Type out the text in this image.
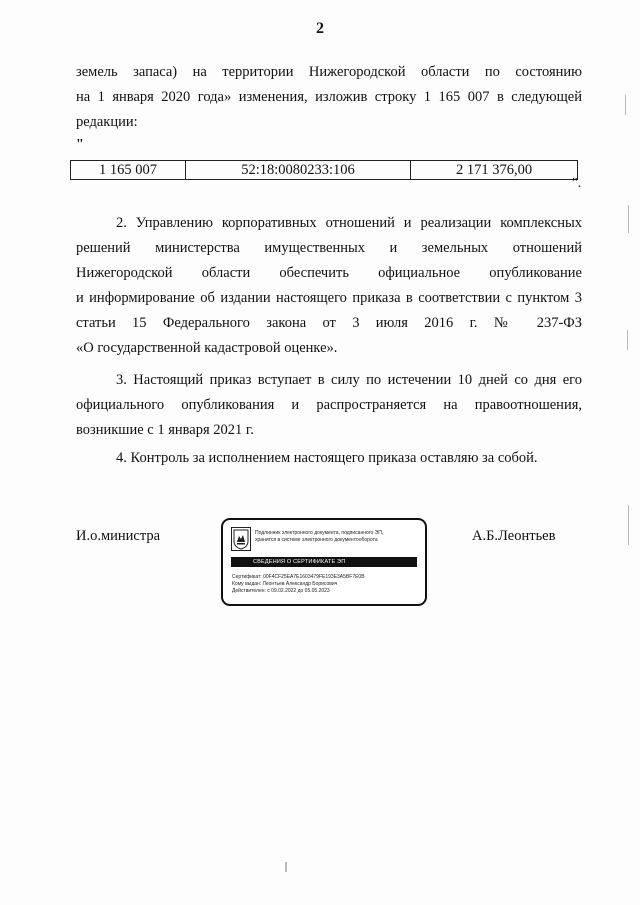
2
земель запаса) на территории Нижегородской области по состоянию
на 1 января 2020 года» изменения, изложив строку 1 165 007 в следующей
редакции:
"
1 165 007	52:18:0080233:106	2 171 376,00
".
2. Управлению корпоративных отношений и реализации комплексных
решений министерства имущественных и земельных отношений
Нижегородской области обеспечить официальное опубликование
и информирование об издании настоящего приказа в соответствии с пунктом 3
статьи 15 Федерального закона от 3 июля 2016 г. № 237-ФЗ
«О государственной кадастровой оценке».
3. Настоящий приказ вступает в силу по истечении 10 дней со дня его
официального опубликования и распространяется на правоотношения,
возникшие с 1 января 2021 г.
4. Контроль за исполнением настоящего приказа оставляю за собой.
И.о.министра	А.Б.Леонтьев
Подлинник электронного документа, подписанного ЭП,
хранится в системе электронного документооборота
СВЕДЕНИЯ О СЕРТИФИКАТЕ ЭП
Сертификат: 00F4CF25EA7E1603479FE193E3A5BF7E0B
Кому выдан: Леонтьев Александр Борисович
Действителен: с 09.02.2022 до 05.05.2023
